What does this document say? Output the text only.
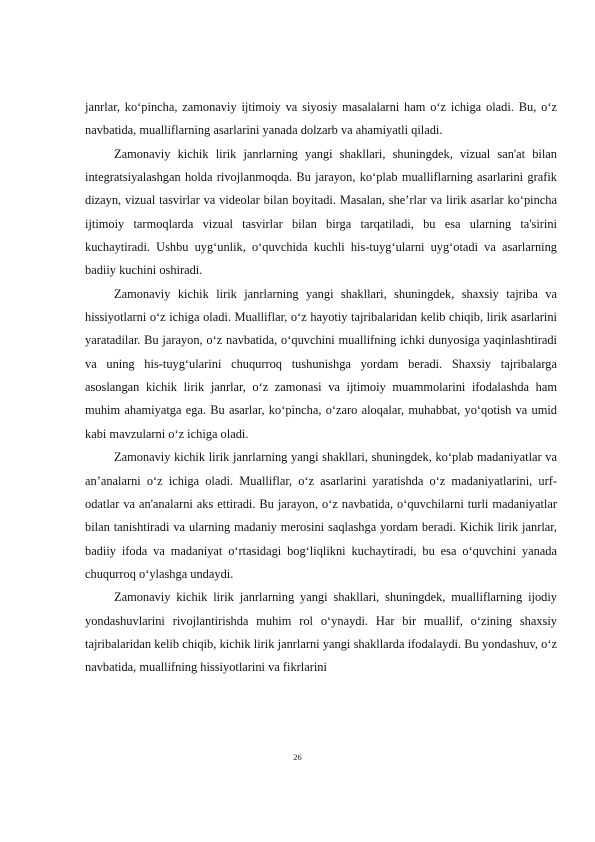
janrlar, ko‘pincha, zamonaviy ijtimoiy va siyosiy masalalarni ham o‘z ichiga oladi. Bu, o‘z navbatida, mualliflarning asarlarini yanada dolzarb va ahamiyatli qiladi.

Zamonaviy kichik lirik janrlarning yangi shakllari, shuningdek, vizual san'at bilan integratsiyalashgan holda rivojlanmoqda. Bu jarayon, ko‘plab mualliflarning asarlarini grafik dizayn, vizual tasvirlar va videolar bilan boyitadi. Masalan, she’rlar va lirik asarlar ko‘pincha ijtimoiy tarmoqlarda vizual tasvirlar bilan birga tarqatiladi, bu esa ularning ta'sirini kuchaytiradi. Ushbu uyg‘unlik, o‘quvchida kuchli his-tuyg‘ularni uyg‘otadi va asarlarning badiiy kuchini oshiradi.

Zamonaviy kichik lirik janrlarning yangi shakllari, shuningdek, shaxsiy tajriba va hissiyotlarni o‘z ichiga oladi. Mualliflar, o‘z hayotiy tajribalaridan kelib chiqib, lirik asarlarini yaratadilar. Bu jarayon, o‘z navbatida, o‘quvchini muallifning ichki dunyosiga yaqinlashtiradi va uning his-tuyg‘ularini chuqurroq tushunishga yordam beradi. Shaxsiy tajribalarga asoslangan kichik lirik janrlar, o‘z zamonasi va ijtimoiy muammolarini ifodalashda ham muhim ahamiyatga ega. Bu asarlar, ko‘pincha, o‘zaro aloqalar, muhabbat, yo‘qotish va umid kabi mavzularni o‘z ichiga oladi.

Zamonaviy kichik lirik janrlarning yangi shakllari, shuningdek, ko‘plab madaniyatlar va an’analarni o‘z ichiga oladi. Mualliflar, o‘z asarlarini yaratishda o‘z madaniyatlarini, urf-odatlar va an'analarni aks ettiradi. Bu jarayon, o‘z navbatida, o‘quvchilarni turli madaniyatlar bilan tanishtiradi va ularning madaniy merosini saqlashga yordam beradi. Kichik lirik janrlar, badiiy ifoda va madaniyat o‘rtasidagi bog‘liqlikni kuchaytiradi, bu esa o‘quvchini yanada chuqurroq o‘ylashga undaydi.

Zamonaviy kichik lirik janrlarning yangi shakllari, shuningdek, mualliflarning ijodiy yondashuvlarini rivojlantirishda muhim rol o‘ynaydi. Har bir muallif, o‘zining shaxsiy tajribalaridan kelib chiqib, kichik lirik janrlarni yangi shakllarda ifodalaydi. Bu yondashuv, o‘z navbatida, muallifning hissiyotlarini va fikrlarini

26
